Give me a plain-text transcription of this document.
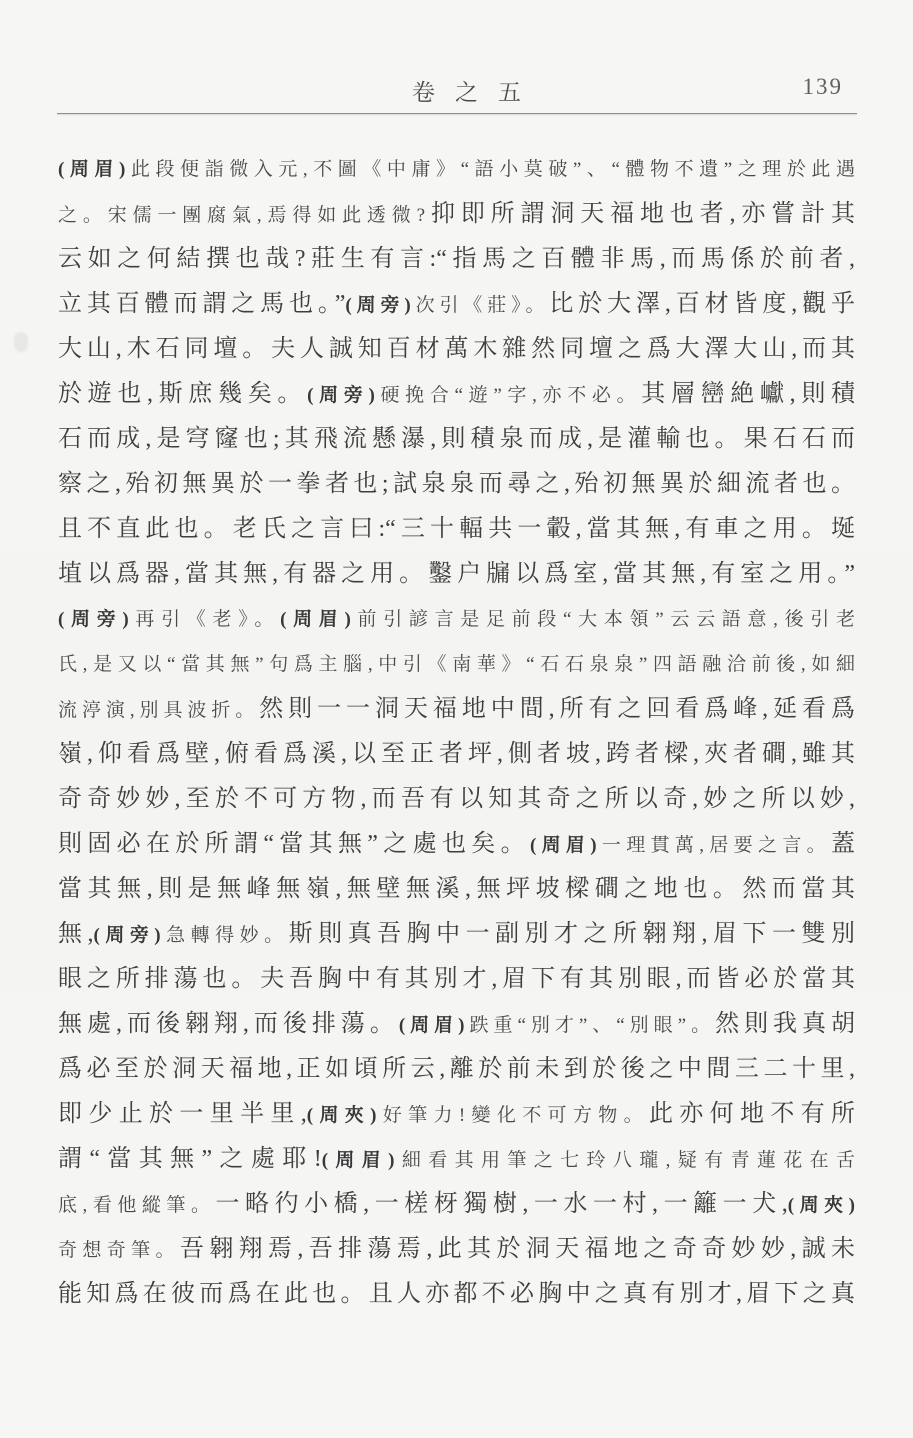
卷之五	139
(周眉)此段便詣微入元,不圖《中庸》“語小莫破”、“體物不遺”之理於此遇
之。宋儒一團腐氣,焉得如此透微?抑即所謂洞天福地也者,亦嘗計其
云如之何結撰也哉?莊生有言:“指馬之百體非馬,而馬係於前者,
立其百體而謂之馬也。”(周旁)次引《莊》。比於大澤,百材皆度,觀乎
大山,木石同壇。夫人誠知百材萬木雜然同壇之爲大澤大山,而其
於遊也,斯庶幾矣。(周旁)硬挽合“遊”字,亦不必。其層巒絶巘,則積
石而成,是穹窿也;其飛流懸瀑,則積泉而成,是灌輸也。果石石而
察之,殆初無異於一拳者也;試泉泉而尋之,殆初無異於細流者也。
且不直此也。老氏之言曰:“三十輻共一轂,當其無,有車之用。埏
埴以爲器,當其無,有器之用。鑿户牖以爲室,當其無,有室之用。”
(周旁)再引《老》。(周眉)前引諺言是足前段“大本領”云云語意,後引老
氏,是又以“當其無”句爲主腦,中引《南華》“石石泉泉”四語融洽前後,如細
流渟演,別具波折。然則一一洞天福地中間,所有之回看爲峰,延看爲
嶺,仰看爲壁,俯看爲溪,以至正者坪,側者坡,跨者樑,夾者磵,雖其
奇奇妙妙,至於不可方物,而吾有以知其奇之所以奇,妙之所以妙,
則固必在於所謂“當其無”之處也矣。(周眉)一理貫萬,居要之言。蓋
當其無,則是無峰無嶺,無壁無溪,無坪坡樑磵之地也。然而當其
無,(周旁)急轉得妙。斯則真吾胸中一副別才之所翱翔,眉下一雙別
眼之所排蕩也。夫吾胸中有其別才,眉下有其別眼,而皆必於當其
無處,而後翱翔,而後排蕩。(周眉)跌重“別才”、“別眼”。然則我真胡
爲必至於洞天福地,正如頃所云,離於前未到於後之中間三二十里,
即少止於一里半里,(周夾)好筆力!變化不可方物。此亦何地不有所
謂“當其無”之處耶!(周眉)細看其用筆之七玲八瓏,疑有青蓮花在舌
底,看他縱筆。一略彴小橋,一槎枒獨樹,一水一村,一籬一犬,(周夾)
奇想奇筆。吾翱翔焉,吾排蕩焉,此其於洞天福地之奇奇妙妙,誠未
能知爲在彼而爲在此也。且人亦都不必胸中之真有別才,眉下之真
